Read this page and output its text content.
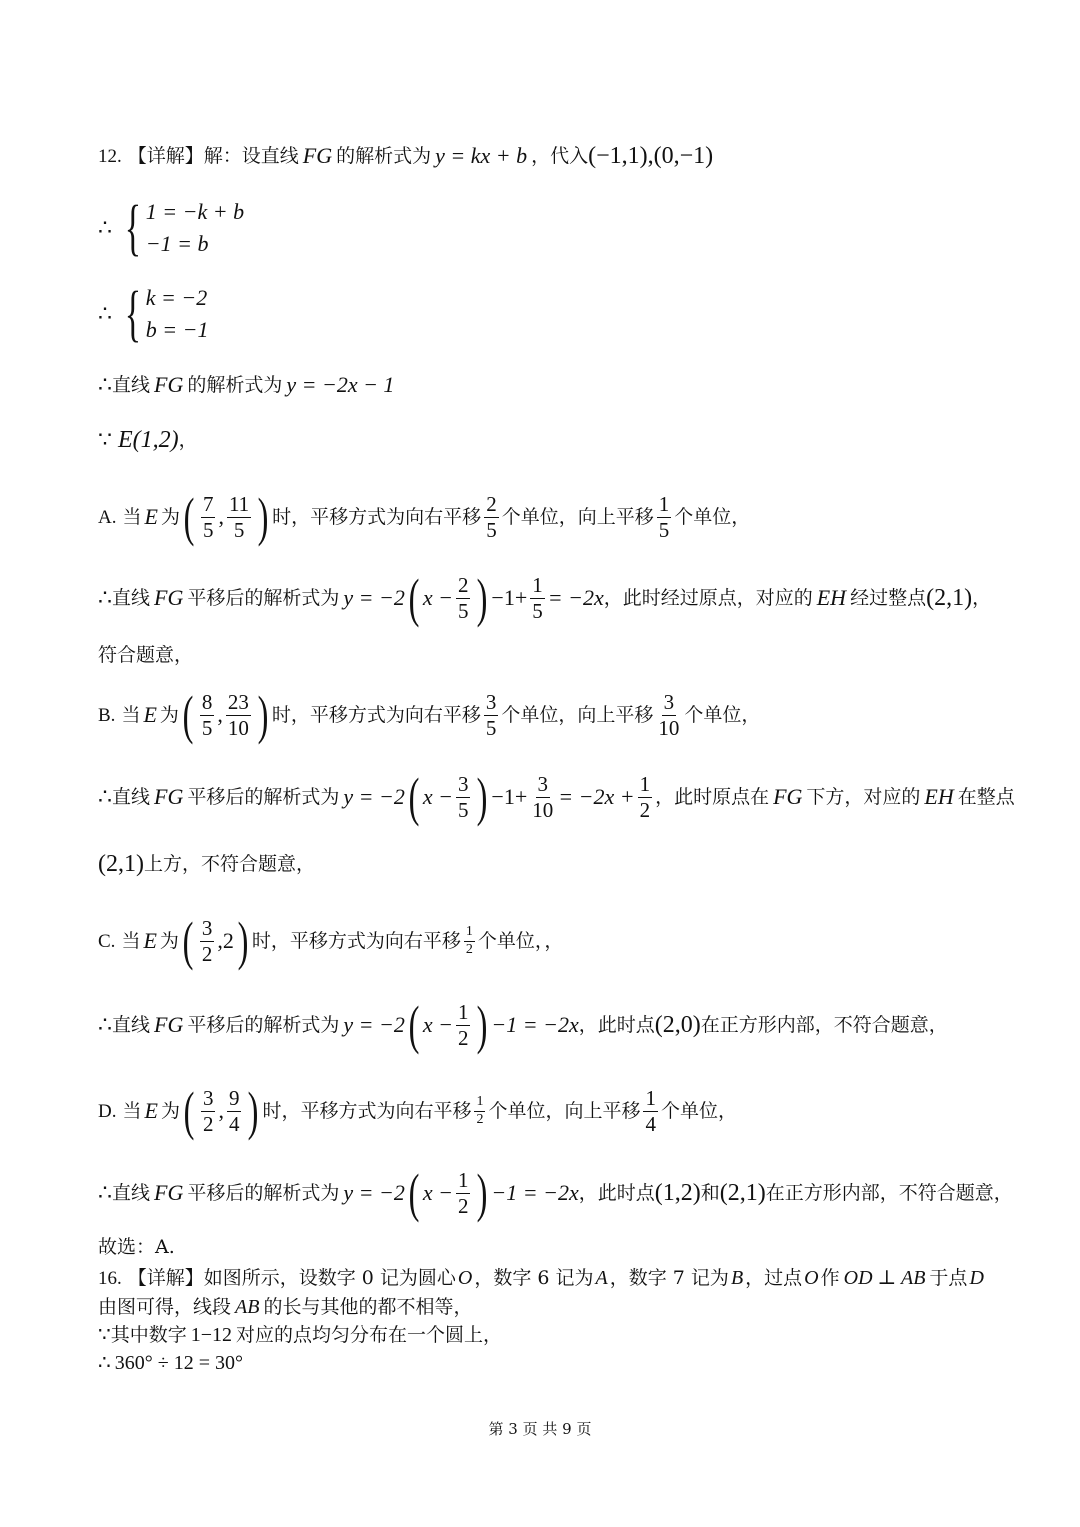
12. 【详解】解：设直线 FG 的解析式为 y = kx + b ，代入 (−1,1),(0,−1)
∴ { 1 = −k + b
−1 = b
∴ { k = −2
b = −1
∴ 直线 FG 的解析式为 y = −2x − 1
∵ E(1,2) ，
A. 当 E 为 ( $\frac{7}{5}$ , $\frac{11}{5}$ ) 时，平移方式为向右平移 $\frac{2}{5}$ 个单位，向上平移 $\frac{1}{5}$ 个单位，
∴ 直线 FG 平移后的解析式为 y = −2 ( $x - \frac{2}{5}$ ) $-1+ \frac{1}{5} = -2x$ ，此时经过原点，对应的 EH 经过整点 (2,1) ，
符合题意，
B. 当 E 为 ( $\frac{8}{5}$ , $\frac{23}{10}$ ) 时，平移方式为向右平移 $\frac{3}{5}$ 个单位，向上平移 $\frac{3}{10}$ 个单位，
∴ 直线 FG 平移后的解析式为 y = −2 ( $x - \frac{3}{5}$ ) $-1+ \frac{3}{10} = -2x + \frac{1}{2}$ ，此时原点在 FG 下方，对应的 EH 在整点
(2,1) 上方，不符合题意，
C. 当 E 为 ( $\frac{3}{2}$ , 2 ) 时，平移方式为向右平移 $\frac{1}{2}$ 个单位，，
∴ 直线 FG 平移后的解析式为 y = −2 ( $x - \frac{1}{2}$ ) −1 = −2x ，此时点 (2,0) 在正方形内部，不符合题意，
D. 当 E 为 ( $\frac{3}{2}$ , $\frac{9}{4}$ ) 时，平移方式为向右平移 $\frac{1}{2}$ 个单位，向上平移 $\frac{1}{4}$ 个单位，
∴ 直线 FG 平移后的解析式为 y = −2 ( $x - \frac{1}{2}$ ) −1 = −2x ，此时点 (1,2) 和 (2,1) 在正方形内部，不符合题意，
故选：A.
16. 【详解】如图所示，设数字 0 记为圆心 O ，数字 6 记为 A ，数字 7 记为 B ，过点 O 作 OD ⊥ AB 于点 D
由图可得，线段 AB 的长与其他的都不相等，
∵ 其中数字 1−12 对应的点均匀分布在一个圆上，
∴ 360° ÷ 12 = 30°
第 3 页 共 9 页
